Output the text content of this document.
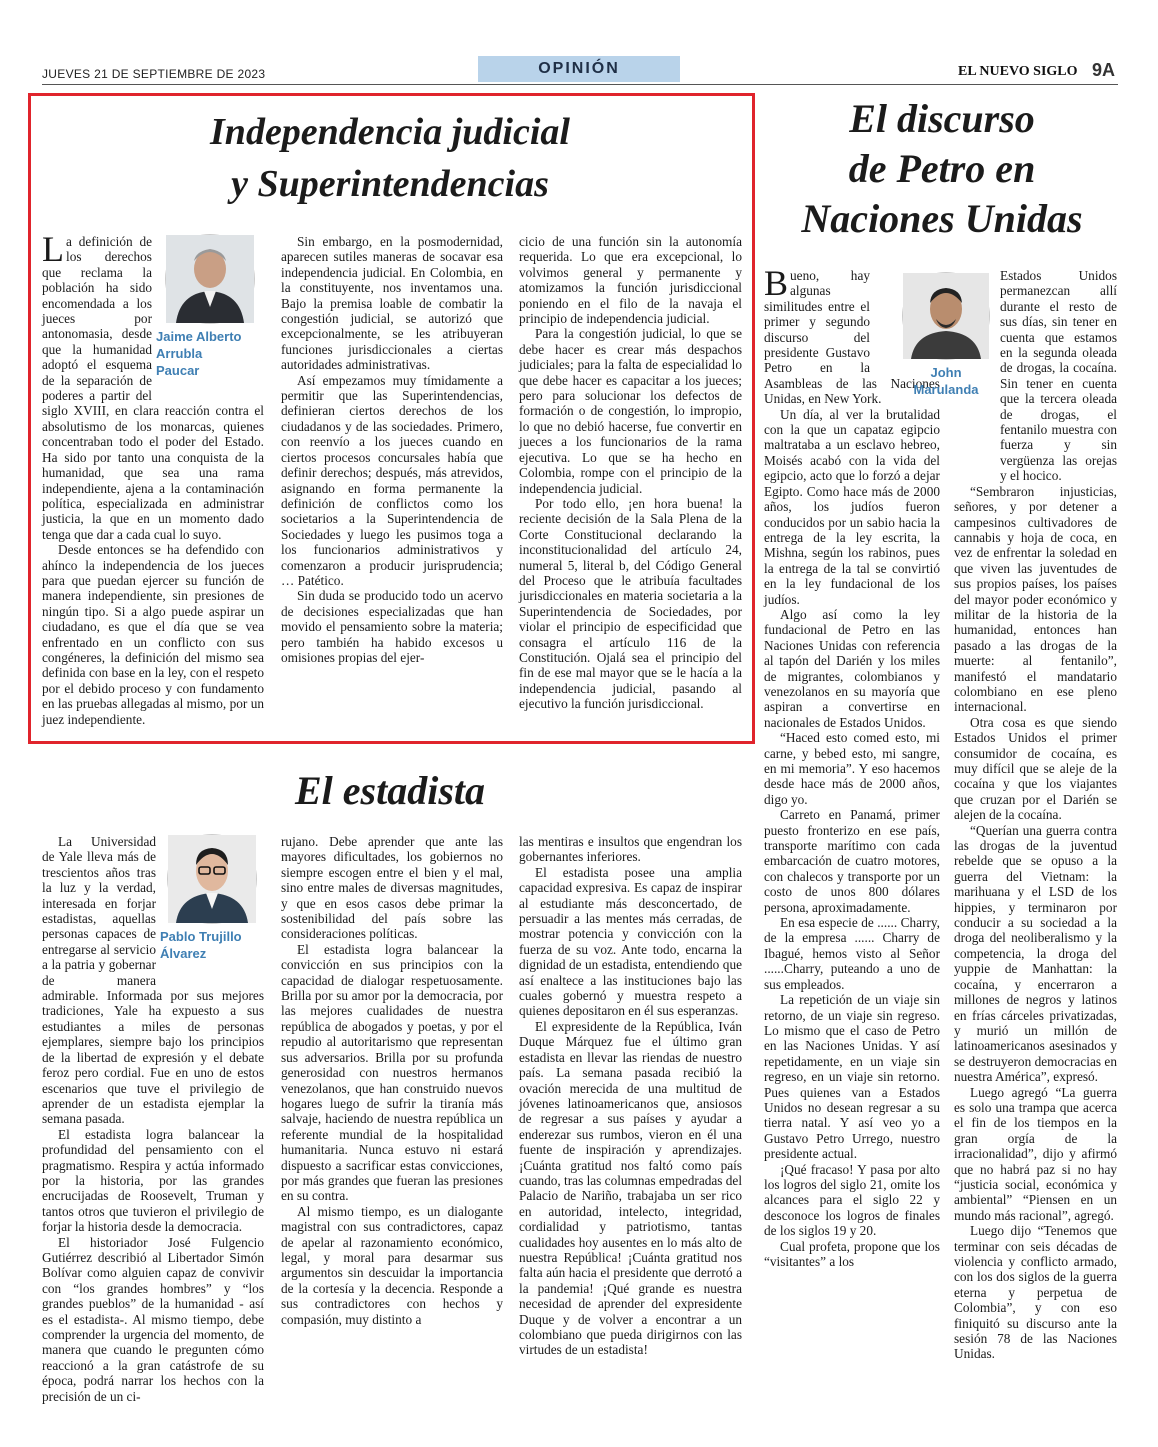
JUEVES 21 DE SEPTIEMBRE DE 2023	OPINIÓN	EL NUEVO SIGLO 9A
Independencia judicial
y Superintendencias
Jaime Alberto
Arrubla
Paucar

La definición de los derechos que reclama la población ha sido encomendada a los jueces por antonomasia, desde que la humanidad adoptó el esquema de la separación de poderes a partir del siglo XVIII, en clara reacción contra el absolutismo de los monarcas, quienes concentraban todo el poder del Estado. Ha sido por tanto una conquista de la humanidad, que sea una rama independiente, ajena a la contaminación política, especializada en administrar justicia, la que en un momento dado tenga que dar a cada cual lo suyo.

Desde entonces se ha defendido con ahínco la independencia de los jueces para que puedan ejercer su función de manera independiente, sin presiones de ningún tipo. Si a algo puede aspirar un ciudadano, es que el día que se vea enfrentado en un conflicto con sus congéneres, la definición del mismo sea definida con base en la ley, con el respeto por el debido proceso y con fundamento en las pruebas allegadas al mismo, por un juez independiente.

Sin embargo, en la posmodernidad, aparecen sutiles maneras de socavar esa independencia judicial. En Colombia, en la constituyente, nos inventamos una. Bajo la premisa loable de combatir la congestión judicial, se autorizó que excepcionalmente, se les atribuyeran funciones jurisdiccionales a ciertas autoridades administrativas.

Así empezamos muy tímidamente a permitir que las Superintendencias, definieran ciertos derechos de los ciudadanos y de las sociedades. Primero, con reenvío a los jueces cuando en ciertos procesos concursales había que definir derechos; después, más atrevidos, asignando en forma permanente la definición de conflictos como los societarios a la Superintendencia de Sociedades y luego les pusimos toga a los funcionarios administrativos y comenzaron a producir jurisprudencia; … Patético.

Sin duda se producido todo un acervo de decisiones especializadas que han movido el pensamiento sobre la materia; pero también ha habido excesos u omisiones propias del ejer-

cicio de una función sin la autonomía requerida. Lo que era excepcional, lo volvimos general y permanente y atomizamos la función jurisdiccional poniendo en el filo de la navaja el principio de independencia judicial.

Para la congestión judicial, lo que se debe hacer es crear más despachos judiciales; para la falta de especialidad lo que debe hacer es capacitar a los jueces; pero para solucionar los defectos de formación o de congestión, lo impropio, lo que no debió hacerse, fue convertir en jueces a los funcionarios de la rama ejecutiva. Lo que se ha hecho en Colombia, rompe con el principio de la independencia judicial.

Por todo ello, ¡en hora buena! la reciente decisión de la Sala Plena de la Corte Constitucional declarando la inconstitucionalidad del artículo 24, numeral 5, literal b, del Código General del Proceso que le atribuía facultades jurisdiccionales en materia societaria a la Superintendencia de Sociedades, por violar el principio de especificidad que consagra el artículo 116 de la Constitución. Ojalá sea el principio del fin de ese mal mayor que se le hacía a la independencia judicial, pasando al ejecutivo la función jurisdiccional.

El discurso
de Petro en
Naciones Unidas

Bueno, hay algunas similitudes entre el primer y segundo discurso del presidente Gustavo Petro en la Asambleas de las Naciones Unidas, en New York.

Un día, al ver la brutalidad con la que un capataz egipcio maltrataba a un esclavo hebreo, Moisés acabó con la vida del egipcio, acto que lo forzó a dejar Egipto. Como hace más de 2000 años, los judíos fueron conducidos por un sabio hacia la entrega de la ley escrita, la Mishna, según los rabinos, pues la entrega de la tal se convirtió en la ley fundacional de los judíos.

Algo así como la ley fundacional de Petro en las Naciones Unidas con referencia al tapón del Darién y los miles de migrantes, colombianos y venezolanos en su mayoría que aspiran a convertirse en nacionales de Estados Unidos.

“Haced esto comed esto, mi carne, y bebed esto, mi sangre, en mi memoria”. Y eso hacemos desde hace más de 2000 años, digo yo.

Carreto en Panamá, primer puesto fronterizo en ese país, transporte marítimo con cada embarcación de cuatro motores, con chalecos y transporte por un costo de unos 800 dólares persona, aproximadamente.

En esa especie de ...... Charry, de la empresa ...... Charry de Ibagué, hemos visto al Señor ......Charry, puteando a uno de sus empleados.

La repetición de un viaje sin retorno, de un viaje sin regreso. Lo mismo que el caso de Petro en las Naciones Unidas. Y así repetidamente, en un viaje sin regreso, en un viaje sin retorno. Pues quienes van a Estados Unidos no desean regresar a su tierra natal. Y así veo yo a Gustavo Petro Urrego, nuestro presidente actual.

¡Qué fracaso! Y pasa por alto los logros del siglo 21, omite los alcances para el siglo 22 y desconoce los logros de finales de los siglos 19 y 20.

Cual profeta, propone que los “visitantes” a los

John
Marulanda

Estados Unidos permanezcan allí durante el resto de sus días, sin tener en cuenta que estamos en la segunda oleada de drogas, la cocaína. Sin tener en cuenta que la tercera oleada de drogas, el fentanilo muestra con fuerza y sin vergüenza las orejas y el hocico.

“Sembraron injusticias, señores, y por detener a campesinos cultivadores de cannabis y hoja de coca, en vez de enfrentar la soledad en que viven las juventudes de sus propios países, los países del mayor poder económico y militar de la historia de la humanidad, entonces han pasado a las drogas de la muerte: al fentanilo”, manifestó el mandatario colombiano en ese pleno internacional.

Otra cosa es que siendo Estados Unidos el primer consumidor de cocaína, es muy difícil que se aleje de la cocaína y que los viajantes que cruzan por el Darién se alejen de la cocaína.

“Querían una guerra contra las drogas de la juventud rebelde que se opuso a la guerra del Vietnam: la marihuana y el LSD de los hippies, y terminaron por conducir a su sociedad a la droga del neoliberalismo y la competencia, la droga del yuppie de Manhattan: la cocaína, y encerraron a millones de negros y latinos en frías cárceles privatizadas, y murió un millón de latinoamericanos asesinados y se destruyeron democracias en nuestra América”, expresó.

Luego agregó “La guerra es solo una trampa que acerca el fin de los tiempos en la gran orgía de la irracionalidad”, dijo y afirmó que no habrá paz si no hay “justicia social, económica y ambiental” “Piensen en un mundo más racional”, agregó.

Luego dijo “Tenemos que terminar con seis décadas de violencia y conflicto armado, con los dos siglos de la guerra eterna y perpetua de Colombia”, y con eso finiquitó su discurso ante la sesión 78 de las Naciones Unidas.

El estadista
Pablo Trujillo
Álvarez

La Universidad de Yale lleva más de trescientos años tras la luz y la verdad, interesada en forjar estadistas, aquellas personas capaces de entregarse al servicio a la patria y gobernar de manera admirable. Informada por sus mejores tradiciones, Yale ha expuesto a sus estudiantes a miles de personas ejemplares, siempre bajo los principios de la libertad de expresión y el debate feroz pero cordial. Fue en uno de estos escenarios que tuve el privilegio de aprender de un estadista ejemplar la semana pasada.

El estadista logra balancear la profundidad del pensamiento con el pragmatismo. Respira y actúa informado por la historia, por las grandes encrucijadas de Roosevelt, Truman y tantos otros que tuvieron el privilegio de forjar la historia desde la democracia.

El historiador José Fulgencio Gutiérrez describió al Libertador Simón Bolívar como alguien capaz de convivir con “los grandes hombres” y “los grandes pueblos” de la humanidad - así es el estadista-. Al mismo tiempo, debe comprender la urgencia del momento, de manera que cuando le pregunten cómo reaccionó a la gran catástrofe de su época, podrá narrar los hechos con la precisión de un ci-

rujano. Debe aprender que ante las mayores dificultades, los gobiernos no siempre escogen entre el bien y el mal, sino entre males de diversas magnitudes, y que en esos casos debe primar la sostenibilidad del país sobre las consideraciones políticas.

El estadista logra balancear la convicción en sus principios con la capacidad de dialogar respetuosamente. Brilla por su amor por la democracia, por las mejores cualidades de nuestra república de abogados y poetas, y por el repudio al autoritarismo que representan sus adversarios. Brilla por su profunda generosidad con nuestros hermanos venezolanos, que han construido nuevos hogares luego de sufrir la tiranía más salvaje, haciendo de nuestra república un referente mundial de la hospitalidad humanitaria. Nunca estuvo ni estará dispuesto a sacrificar estas convicciones, por más grandes que fueran las presiones en su contra.

Al mismo tiempo, es un dialogante magistral con sus contradictores, capaz de apelar al razonamiento económico, legal, y moral para desarmar sus argumentos sin descuidar la importancia de la cortesía y la decencia. Responde a sus contradictores con hechos y compasión, muy distinto a

las mentiras e insultos que engendran los gobernantes inferiores.

El estadista posee una amplia capacidad expresiva. Es capaz de inspirar al estudiante más desconcertado, de persuadir a las mentes más cerradas, de mostrar potencia y convicción con la fuerza de su voz. Ante todo, encarna la dignidad de un estadista, entendiendo que así enaltece a las instituciones bajo las cuales gobernó y muestra respeto a quienes depositaron en él sus esperanzas.

El expresidente de la República, Iván Duque Márquez fue el último gran estadista en llevar las riendas de nuestro país. La semana pasada recibió la ovación merecida de una multitud de jóvenes latinoamericanos que, ansiosos de regresar a sus países y ayudar a enderezar sus rumbos, vieron en él una fuente de inspiración y aprendizajes. ¡Cuánta gratitud nos faltó como país cuando, tras las columnas empedradas del Palacio de Nariño, trabajaba un ser rico en autoridad, intelecto, integridad, cordialidad y patriotismo, tantas cualidades hoy ausentes en lo más alto de nuestra República! ¡Cuánta gratitud nos falta aún hacia el presidente que derrotó a la pandemia! ¡Qué grande es nuestra necesidad de aprender del expresidente Duque y de volver a encontrar a un colombiano que pueda dirigirnos con las virtudes de un estadista!
